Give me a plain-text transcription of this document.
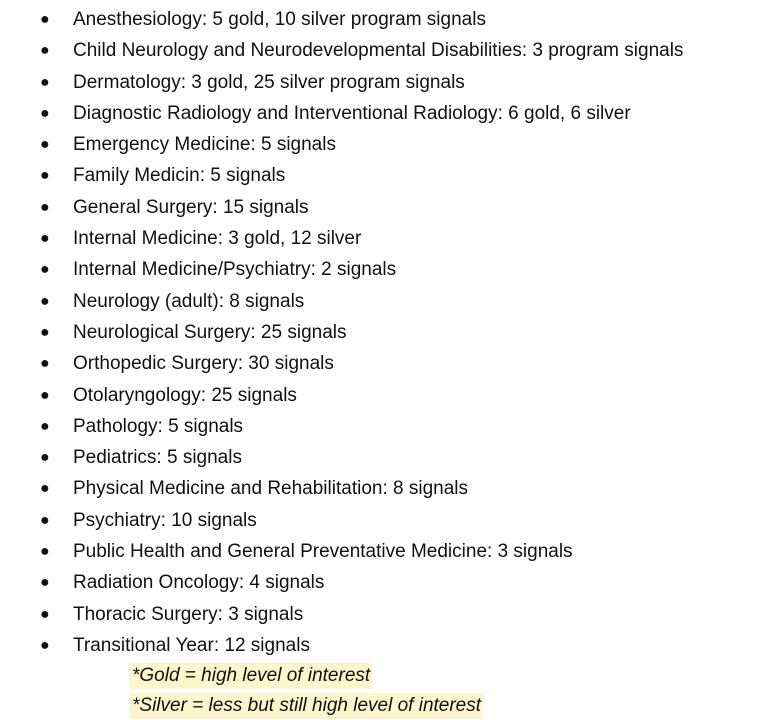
● Anesthesiology: 5 gold, 10 silver program signals
● Child Neurology and Neurodevelopmental Disabilities: 3 program signals
● Dermatology: 3 gold, 25 silver program signals
● Diagnostic Radiology and Interventional Radiology: 6 gold, 6 silver
● Emergency Medicine: 5 signals
● Family Medicin: 5 signals
● General Surgery: 15 signals
● Internal Medicine: 3 gold, 12 silver
● Internal Medicine/Psychiatry: 2 signals
● Neurology (adult): 8 signals
● Neurological Surgery: 25 signals
● Orthopedic Surgery: 30 signals
● Otolaryngology: 25 signals
● Pathology: 5 signals
● Pediatrics: 5 signals
● Physical Medicine and Rehabilitation: 8 signals
● Psychiatry: 10 signals
● Public Health and General Preventative Medicine: 3 signals
● Radiation Oncology: 4 signals
● Thoracic Surgery: 3 signals
● Transitional Year: 12 signals
*Gold = high level of interest
*Silver = less but still high level of interest
